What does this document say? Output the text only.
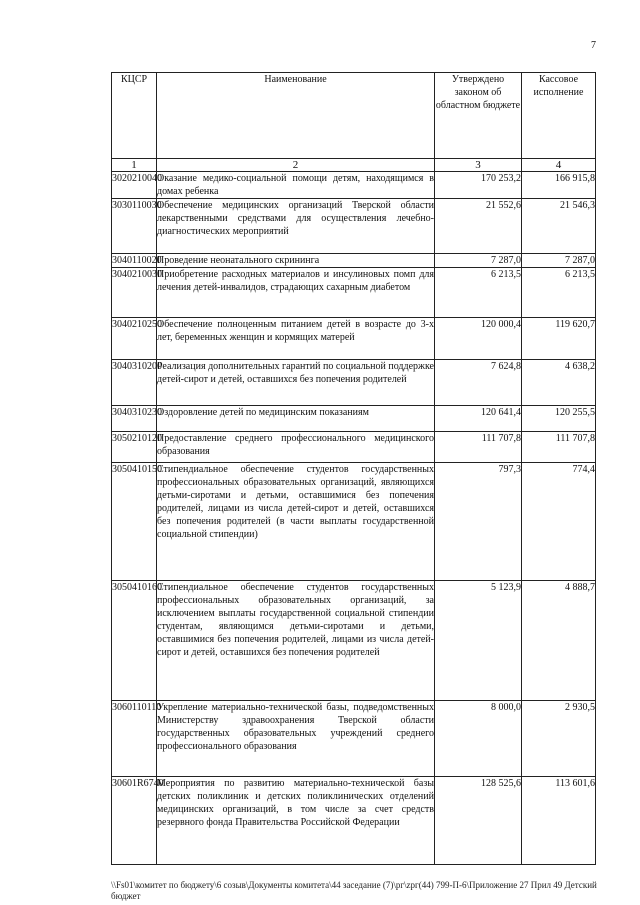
7
КЦСР	Наименование	Утверждено законом об областном бюджете	Кассовое исполнение
1	2	3	4
3020210040	Оказание медико-социальной помощи детям, находящимся в домах ребенка	170 253,2	166 915,8
3030110030	Обеспечение медицинских организаций Тверской области лекарственными средствами для осуществления лечебно-диагностических мероприятий	21 552,6	21 546,3
3040110020	Проведение неонатального скрининга	7 287,0	7 287,0
3040210030	Приобретение расходных материалов и инсулиновых помп для лечения детей-инвалидов, страдающих сахарным диабетом	6 213,5	6 213,5
3040210250	Обеспечение полноценным питанием детей в возрасте до 3-х лет, беременных женщин и кормящих матерей	120 000,4	119 620,7
3040310200	Реализация дополнительных гарантий по социальной поддержке детей-сирот и детей, оставшихся без попечения родителей	7 624,8	4 638,2
3040310230	Оздоровление детей по медицинским показаниям	120 641,4	120 255,5
3050210120	Предоставление среднего профессионального медицинского образования	111 707,8	111 707,8
3050410150	Стипендиальное обеспечение студентов государственных профессиональных образовательных организаций, являющихся детьми-сиротами и детьми, оставшимися без попечения родителей, лицами из числа детей-сирот и детей, оставшихся без попечения родителей (в части выплаты государственной социальной стипендии)	797,3	774,4
3050410160	Стипендиальное обеспечение студентов государственных профессиональных образовательных организаций, за исключением выплаты государственной социальной стипендии студентам, являющимся детьми-сиротами и детьми, оставшимися без попечения родителей, лицами из числа детей-сирот и детей, оставшихся без попечения родителей	5 123,9	4 888,7
3060110110	Укрепление материально-технической базы, подведомственных Министерству здравоохранения Тверской области государственных образовательных учреждений среднего профессионального образования	8 000,0	2 930,5
30601R6740	Мероприятия по развитию материально-технической базы детских поликлиник и детских поликлинических отделений медицинских организаций, в том числе за счет средств резервного фонда Правительства Российской Федерации	128 525,6	113 601,6
\\Fs01\комитет по бюджету\6 созыв\Документы комитета\44 заседание (7)\рг\zрг(44) 799-П-6\Приложение 27 Прил 49 Детский бюджет
